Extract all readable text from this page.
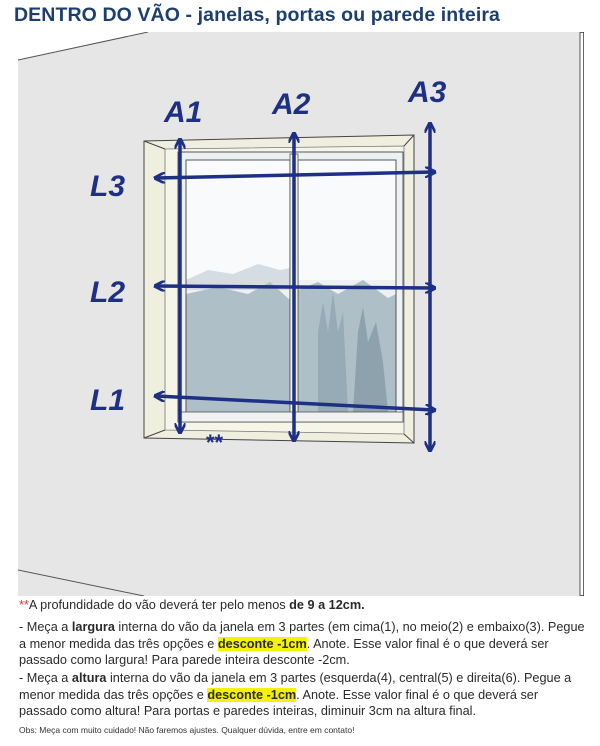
DENTRO DO VÃO - janelas, portas ou parede inteira
A1 A2	A3
L3
L2
L1
**

**A profundidade do vão deverá ter pelo menos de 9 a 12cm.

- Meça a largura interna do vão da janela em 3 partes (em cima(1), no meio(2) e embaixo(3). Pegue a menor medida das três opções e desconte -1cm. Anote. Esse valor final é o que deverá ser passado como largura! Para parede inteira desconte -2cm.

- Meça a altura interna do vão da janela em 3 partes (esquerda(4), central(5) e direita(6). Pegue a menor medida das três opções e desconte -1cm. Anote. Esse valor final é o que deverá ser passado como altura! Para portas e paredes inteiras, diminuir 3cm na altura final.

Obs: Meça com muito cuidado! Não faremos ajustes. Qualquer dúvida, entre em contato!
